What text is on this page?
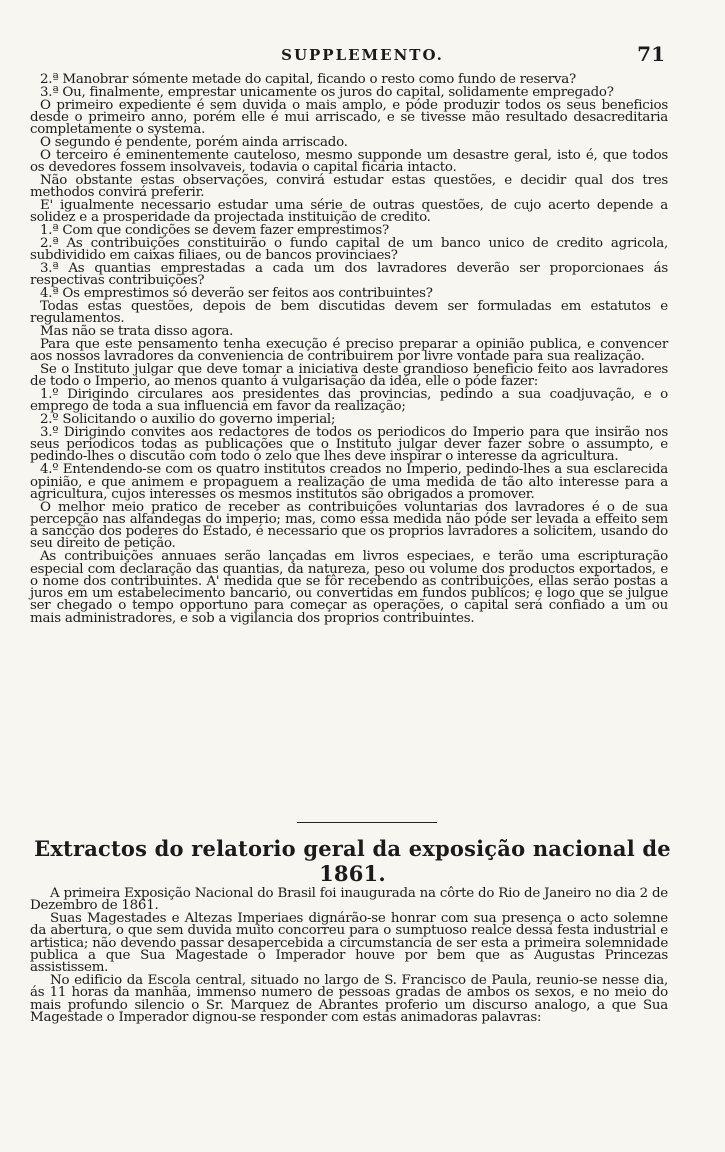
SUPPLEMENTO.	71

2.ª Manobrar sómente metade do capital, ficando o resto como fundo de reserva?

3.ª Ou, finalmente, emprestar unicamente os juros do capital, solidamente empregado?

O primeiro expediente é sem duvida o mais amplo, e póde produzir todos os seus beneficios desde o primeiro anno, porém elle é mui arriscado, e se tivesse mão resultado desacreditaria completamente o systema.

O segundo é pendente, porém ainda arriscado.

O terceiro é eminentemente cauteloso, mesmo supponde um desastre geral, isto é, que todos os devedores fossem insolvaveis, todavia o capital ficaria intacto.

Não obstante estas observações, convirá estudar estas questões, e decidir qual dos tres methodos convirá preferir.

E' igualmente necessario estudar uma série de outras questões, de cujo acerto depende a solidez e a prosperidade da projectada instituição de credito.

1.ª Com que condições se devem fazer emprestimos?

2.ª As contribuições constituirão o fundo capital de um banco unico de credito agricola, subdividido em caixas filiaes, ou de bancos provinciaes?

3.ª As quantias emprestadas a cada um dos lavradores deverão ser proporcionaes ás respectivas contribuições?

4.ª Os emprestimos só deverão ser feitos aos contribuintes?

Todas estas questões, depois de bem discutidas devem ser formuladas em estatutos e regulamentos.

Mas não se trata disso agora.

Para que este pensamento tenha execução é preciso preparar a opinião publica, e convencer aos nossos lavradores da conveniencia de contribuirem por livre vontade para sua realização.

Se o Instituto julgar que deve tomar a iniciativa deste grandioso beneficio feito aos lavradores de todo o Imperio, ao menos quanto á vulgarisação da idéa, elle o póde fazer:

1.º Dirigindo circulares aos presidentes das provincias, pedindo a sua coadjuvação, e o emprego de toda a sua influencia em favor da realização;

2.º Solicitando o auxilio do governo imperial;

3.º Dirigindo convites aos redactores de todos os periodicos do Imperio para que insirão nos seus periodicos todas as publicações que o Instituto julgar dever fazer sobre o assumpto, e pedindo-lhes o discutão com todo o zelo que lhes deve inspirar o interesse da agricultura.

4.º Entendendo-se com os quatro institutos creados no Imperio, pedindo-lhes a sua esclarecida opinião, e que animem e propaguem a realização de uma medida de tão alto interesse para a agricultura, cujos interesses os mesmos institutos são obrigados a promover.

O melhor meio pratico de receber as contribuições voluntarias dos lavradores é o de sua percepção nas alfandegas do imperio; mas, como essa medida não póde ser levada a effeito sem a sancção dos poderes do Estado, é necessario que os proprios lavradores a solicitem, usando do seu direito de petição.

As contribuições annuaes serão lançadas em livros especiaes, e terão uma escripturação especial com declaração das quantias, da natureza, peso ou volume dos productos exportados, e o nome dos contribuintes. A' medida que se fôr recebendo as contribuições, ellas serão postas a juros em um estabelecimento bancario, ou convertidas em fundos publicos; e logo que se julgue ser chegado o tempo opportuno para começar as operações, o capital será confiado a um ou mais administradores, e sob a vigilancia dos proprios contribuintes.

Extractos do relatorio geral da exposição nacional de 1861.

A primeira Exposição Nacional do Brasil foi inaugurada na côrte do Rio de Janeiro no dia 2 de Dezembro de 1861.

Suas Magestades e Altezas Imperiaes dignárão-se honrar com sua presença o acto solemne da abertura, o que sem duvida muito concorreu para o sumptuoso realce dessa festa industrial e artistica; não devendo passar desapercebida a circumstancia de ser esta a primeira solemnidade publica a que Sua Magestade o Imperador houve por bem que as Augustas Princezas assistissem.

No edificio da Escola central, situado no largo de S. Francisco de Paula, reunio-se nesse dia, ás 11 horas da manhãa, immenso numero de pessoas gradas de ambos os sexos, e no meio do mais profundo silencio o Sr. Marquez de Abrantes proferio um discurso analogo, a que Sua Magestade o Imperador dignou-se responder com estas animadoras palavras:
